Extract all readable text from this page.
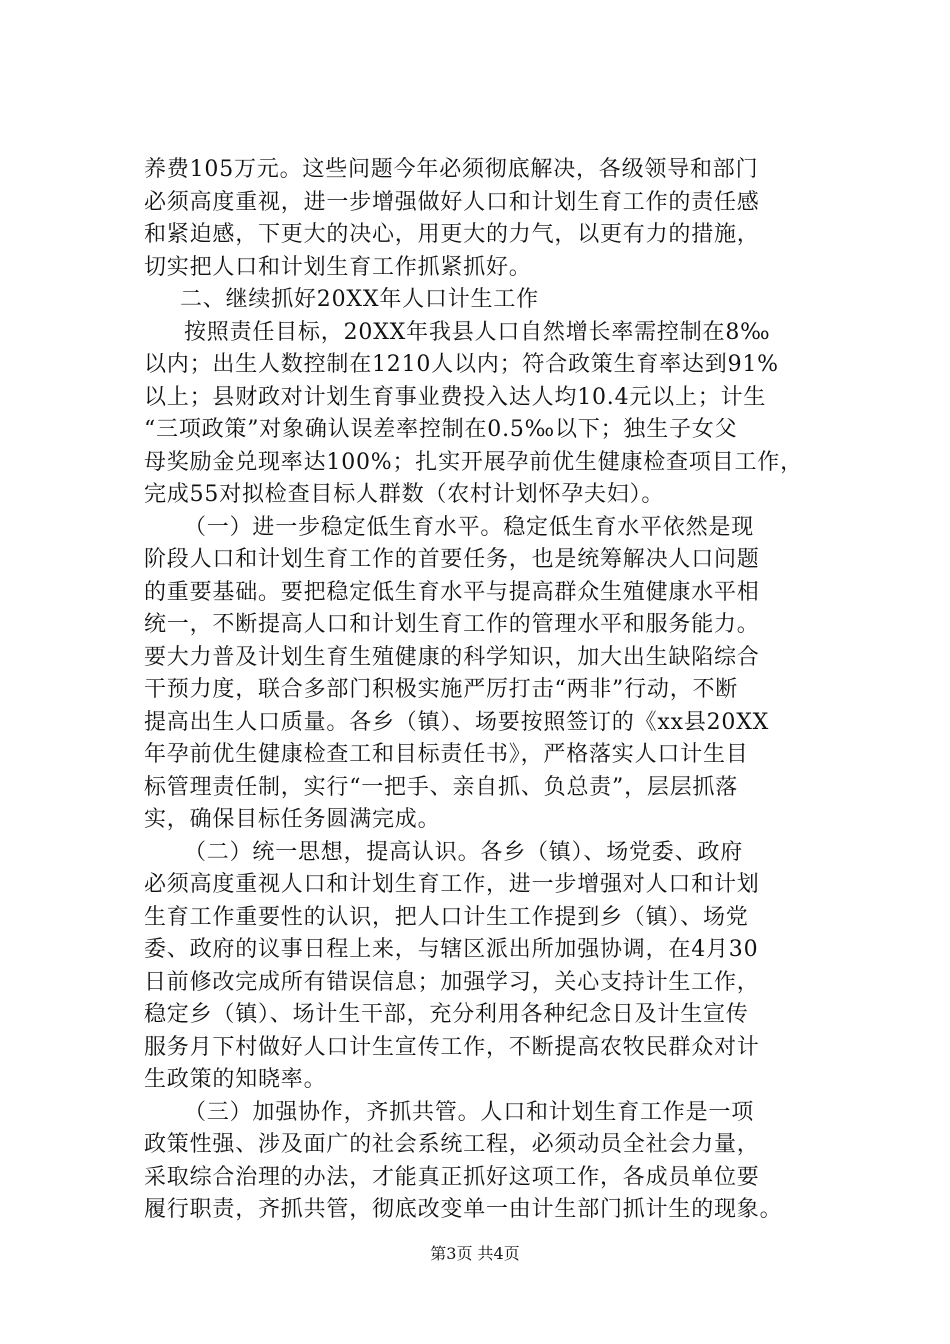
养费105万元。这些问题今年必须彻底解决，各级领导和部门
必须高度重视，进一步增强做好人口和计划生育工作的责任感
和紧迫感，下更大的决心，用更大的力气，以更有力的措施，
切实把人口和计划生育工作抓紧抓好。
二、继续抓好20XX年人口计生工作
按照责任目标，20XX年我县人口自然增长率需控制在8‰
以内；出生人数控制在1210人以内；符合政策生育率达到91%
以上；县财政对计划生育事业费投入达人均10.4元以上；计生
“三项政策”对象确认误差率控制在0.5‰以下；独生子女父
母奖励金兑现率达100%；扎实开展孕前优生健康检查项目工作，
完成55对拟检查目标人群数（农村计划怀孕夫妇）。
（一）进一步稳定低生育水平。稳定低生育水平依然是现
阶段人口和计划生育工作的首要任务，也是统筹解决人口问题
的重要基础。要把稳定低生育水平与提高群众生殖健康水平相
统一，不断提高人口和计划生育工作的管理水平和服务能力。
要大力普及计划生育生殖健康的科学知识，加大出生缺陷综合
干预力度，联合多部门积极实施严厉打击“两非”行动，不断
提高出生人口质量。各乡（镇）、场要按照签订的《xx县20XX
年孕前优生健康检查工和目标责任书》，严格落实人口计生目
标管理责任制，实行“一把手、亲自抓、负总责”，层层抓落
实，确保目标任务圆满完成。
（二）统一思想，提高认识。各乡（镇）、场党委、政府
必须高度重视人口和计划生育工作，进一步增强对人口和计划
生育工作重要性的认识，把人口计生工作提到乡（镇）、场党
委、政府的议事日程上来，与辖区派出所加强协调，在4月30
日前修改完成所有错误信息；加强学习，关心支持计生工作，
稳定乡（镇）、场计生干部，充分利用各种纪念日及计生宣传
服务月下村做好人口计生宣传工作，不断提高农牧民群众对计
生政策的知晓率。
（三）加强协作，齐抓共管。人口和计划生育工作是一项
政策性强、涉及面广的社会系统工程，必须动员全社会力量，
采取综合治理的办法，才能真正抓好这项工作，各成员单位要
履行职责，齐抓共管，彻底改变单一由计生部门抓计生的现象。
第3页 共4页
